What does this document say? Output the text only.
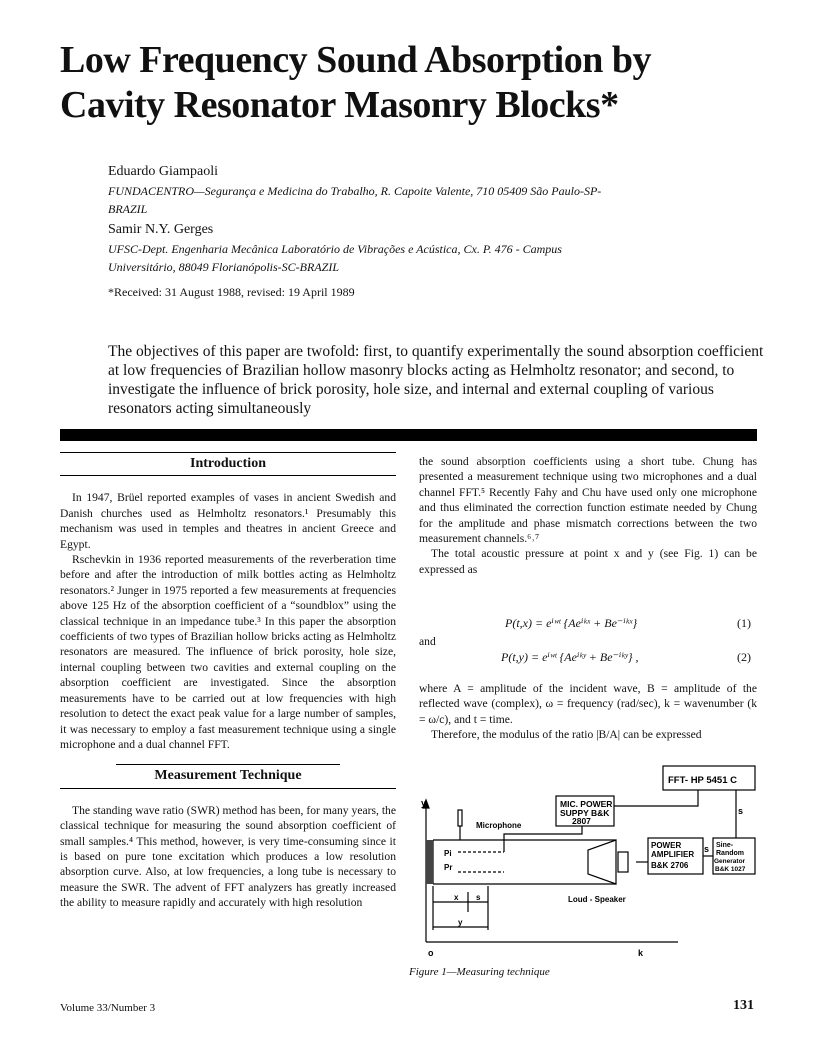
Low Frequency Sound Absorption by
Cavity Resonator Masonry Blocks*
Eduardo Giampaoli
FUNDACENTRO—Segurança e Medicina do Trabalho, R. Capoite Valente, 710 05409 São Paulo-SP-
BRAZIL
Samir N.Y. Gerges
UFSC-Dept. Engenharia Mecânica Laboratório de Vibrações e Acústica, Cx. P. 476 - Campus
Universitário, 88049 Florianópolis-SC-BRAZIL
*Received: 31 August 1988, revised: 19 April 1989
The objectives of this paper are twofold: first, to quantify experimentally the sound absorption coefficient at low frequencies of Brazilian hollow masonry blocks acting as Helmholtz resonator; and second, to investigate the influence of brick porosity, hole size, and internal and external coupling of various resonators acting simultaneously
Introduction

In 1947, Brüel reported examples of vases in ancient Swedish and Danish churches used as Helmholtz resonators.¹ Presumably this mechanism was used in temples and theatres in ancient Greece and Egypt.

Rschevkin in 1936 reported measurements of the reverberation time before and after the introduction of milk bottles acting as Helmholtz resonators.² Junger in 1975 reported a few measurements at frequencies above 125 Hz of the absorption coefficient of a “soundblox” using the classical technique in an impedance tube.³ In this paper the absorption coefficients of two types of Brazilian hollow bricks acting as Helmholtz resonators are measured. The influence of brick porosity, hole size, internal coupling between two cavities and external coupling on the absorption coefficient are investigated. Since the absorption measurements have to be carried out at low frequencies with high resolution to detect the exact peak value for a large number of samples, it was necessary to employ a fast measurement technique using a single microphone and a dual channel FFT.

Measurement Technique

The standing wave ratio (SWR) method has been, for many years, the classical technique for measuring the sound absorption coefficient of small samples.⁴ This method, however, is very time-consuming since it is based on pure tone excitation which produces a low resolution absorption curve. Also, at low frequencies, a long tube is necessary to measure the SWR. The advent of FFT analyzers has greatly increased the ability to measure rapidly and accurately with high resolution

the sound absorption coefficients using a short tube. Chung has presented a measurement technique using two microphones and a dual channel FFT.⁵ Recently Fahy and Chu have used only one microphone and thus eliminated the correction function estimate needed by Chung for the amplitude and phase mismatch corrections between the two measurement channels.⁶˒⁷

The total acoustic pressure at point x and y (see Fig. 1) can be expressed as

P(t,x) = eⁱʷᵗ {Aeⁱᵏˣ + Be⁻ⁱᵏˣ}	(1)
and
P(t,y) = eⁱʷᵗ {Aeⁱᵏʸ + Be⁻ⁱᵏʸ} ,	(2)

where A = amplitude of the incident wave, B = amplitude of the reflected wave (complex), ω = frequency (rad/sec), k = wavenumber (k = ω/c), and t = time.

Therefore, the modulus of the ratio |B/A| can be expressed

FFT- HP 5451 C
MIC. POWER
SUPPY B&K
2807
Microphone
POWER
AMPLIFIER
B&K 2706
Sine-
Random
Generator
B&K 1027
Loud - Speaker
Pi
Pr
y
x
y
s
s
s
o	k
Figure 1—Measuring technique
Volume 33/Number 3	131
